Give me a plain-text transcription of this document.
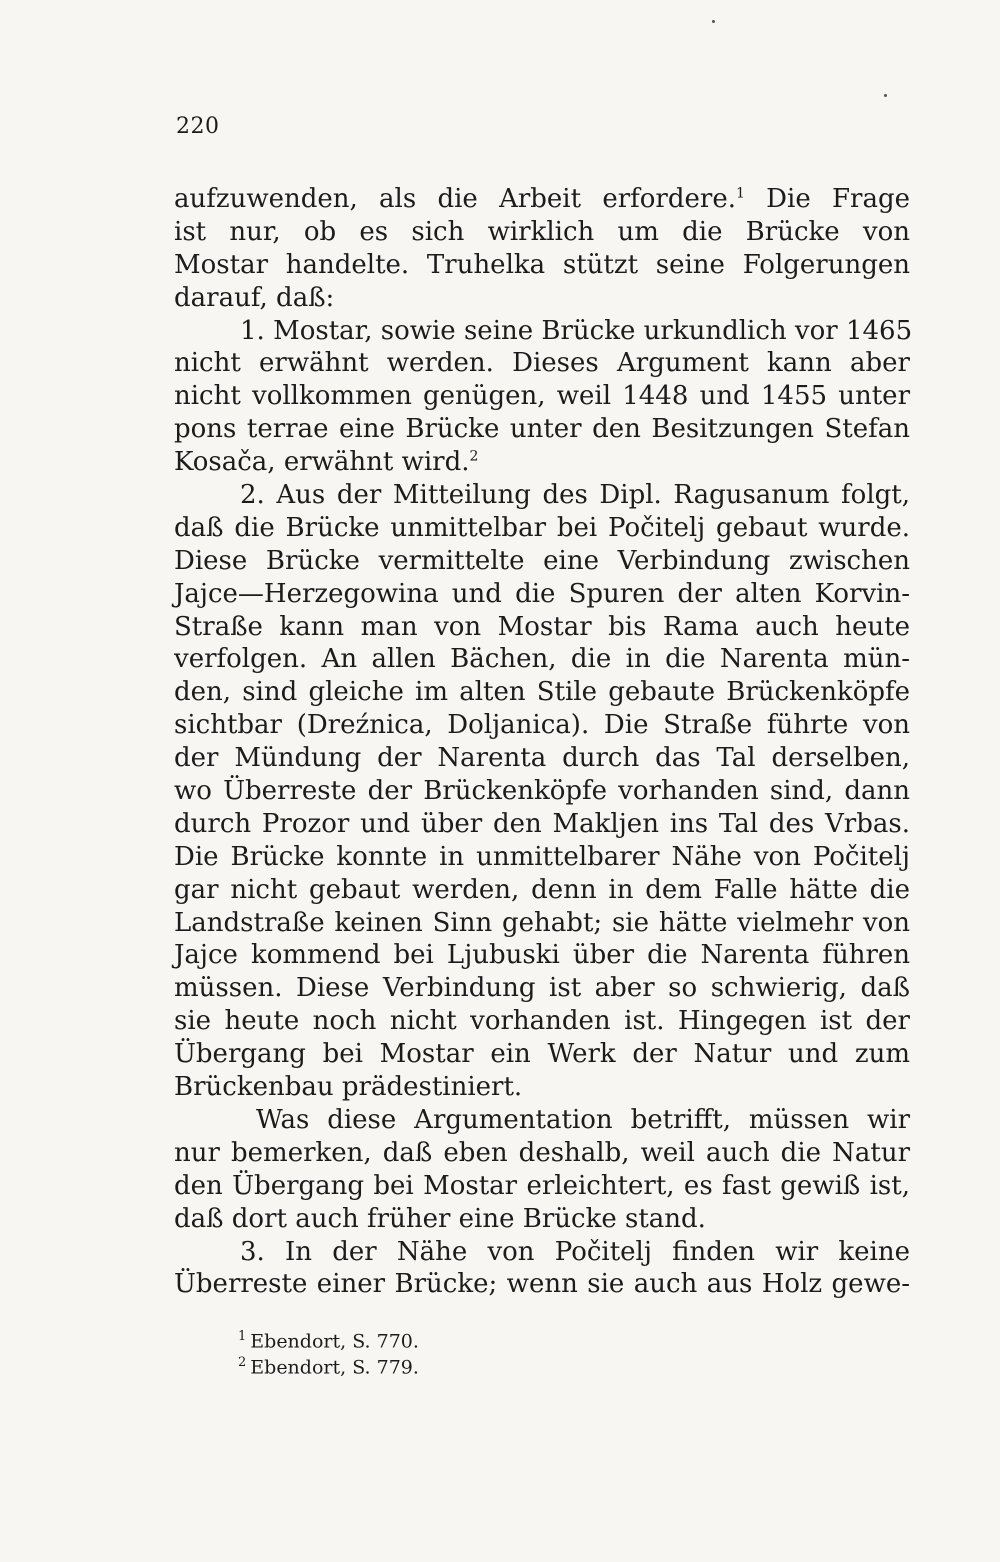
220
aufzuwenden, als die Arbeit erfordere.$^1$ Die Frage
ist nur, ob es sich wirklich um die Brücke von
Mostar handelte. Truhelka stützt seine Folgerungen
darauf, daß:
1. Mostar, sowie seine Brücke urkundlich vor 1465
nicht erwähnt werden. Dieses Argument kann aber
nicht vollkommen genügen, weil 1448 und 1455 unter
pons terrae eine Brücke unter den Besitzungen Stefan
Kosača, erwähnt wird.$^2$
2. Aus der Mitteilung des Dipl. Ragusanum folgt,
daß die Brücke unmittelbar bei Počitelj gebaut wurde.
Diese Brücke vermittelte eine Verbindung zwischen
Jajce—Herzegowina und die Spuren der alten Korvin-
Straße kann man von Mostar bis Rama auch heute
verfolgen. An allen Bächen, die in die Narenta mün-
den, sind gleiche im alten Stile gebaute Brückenköpfe
sichtbar (Dreźnica, Doljanica). Die Straße führte von
der Mündung der Narenta durch das Tal derselben,
wo Überreste der Brückenköpfe vorhanden sind, dann
durch Prozor und über den Makljen ins Tal des Vrbas.
Die Brücke konnte in unmittelbarer Nähe von Počitelj
gar nicht gebaut werden, denn in dem Falle hätte die
Landstraße keinen Sinn gehabt; sie hätte vielmehr von
Jajce kommend bei Ljubuski über die Narenta führen
müssen. Diese Verbindung ist aber so schwierig, daß
sie heute noch nicht vorhanden ist. Hingegen ist der
Übergang bei Mostar ein Werk der Natur und zum
Brückenbau prädestiniert.
Was diese Argumentation betrifft, müssen wir
nur bemerken, daß eben deshalb, weil auch die Natur
den Übergang bei Mostar erleichtert, es fast gewiß ist,
daß dort auch früher eine Brücke stand.
3. In der Nähe von Počitelj finden wir keine
Überreste einer Brücke; wenn sie auch aus Holz gewe-
$^1$ Ebendort, S. 770.
$^2$ Ebendort, S. 779.
